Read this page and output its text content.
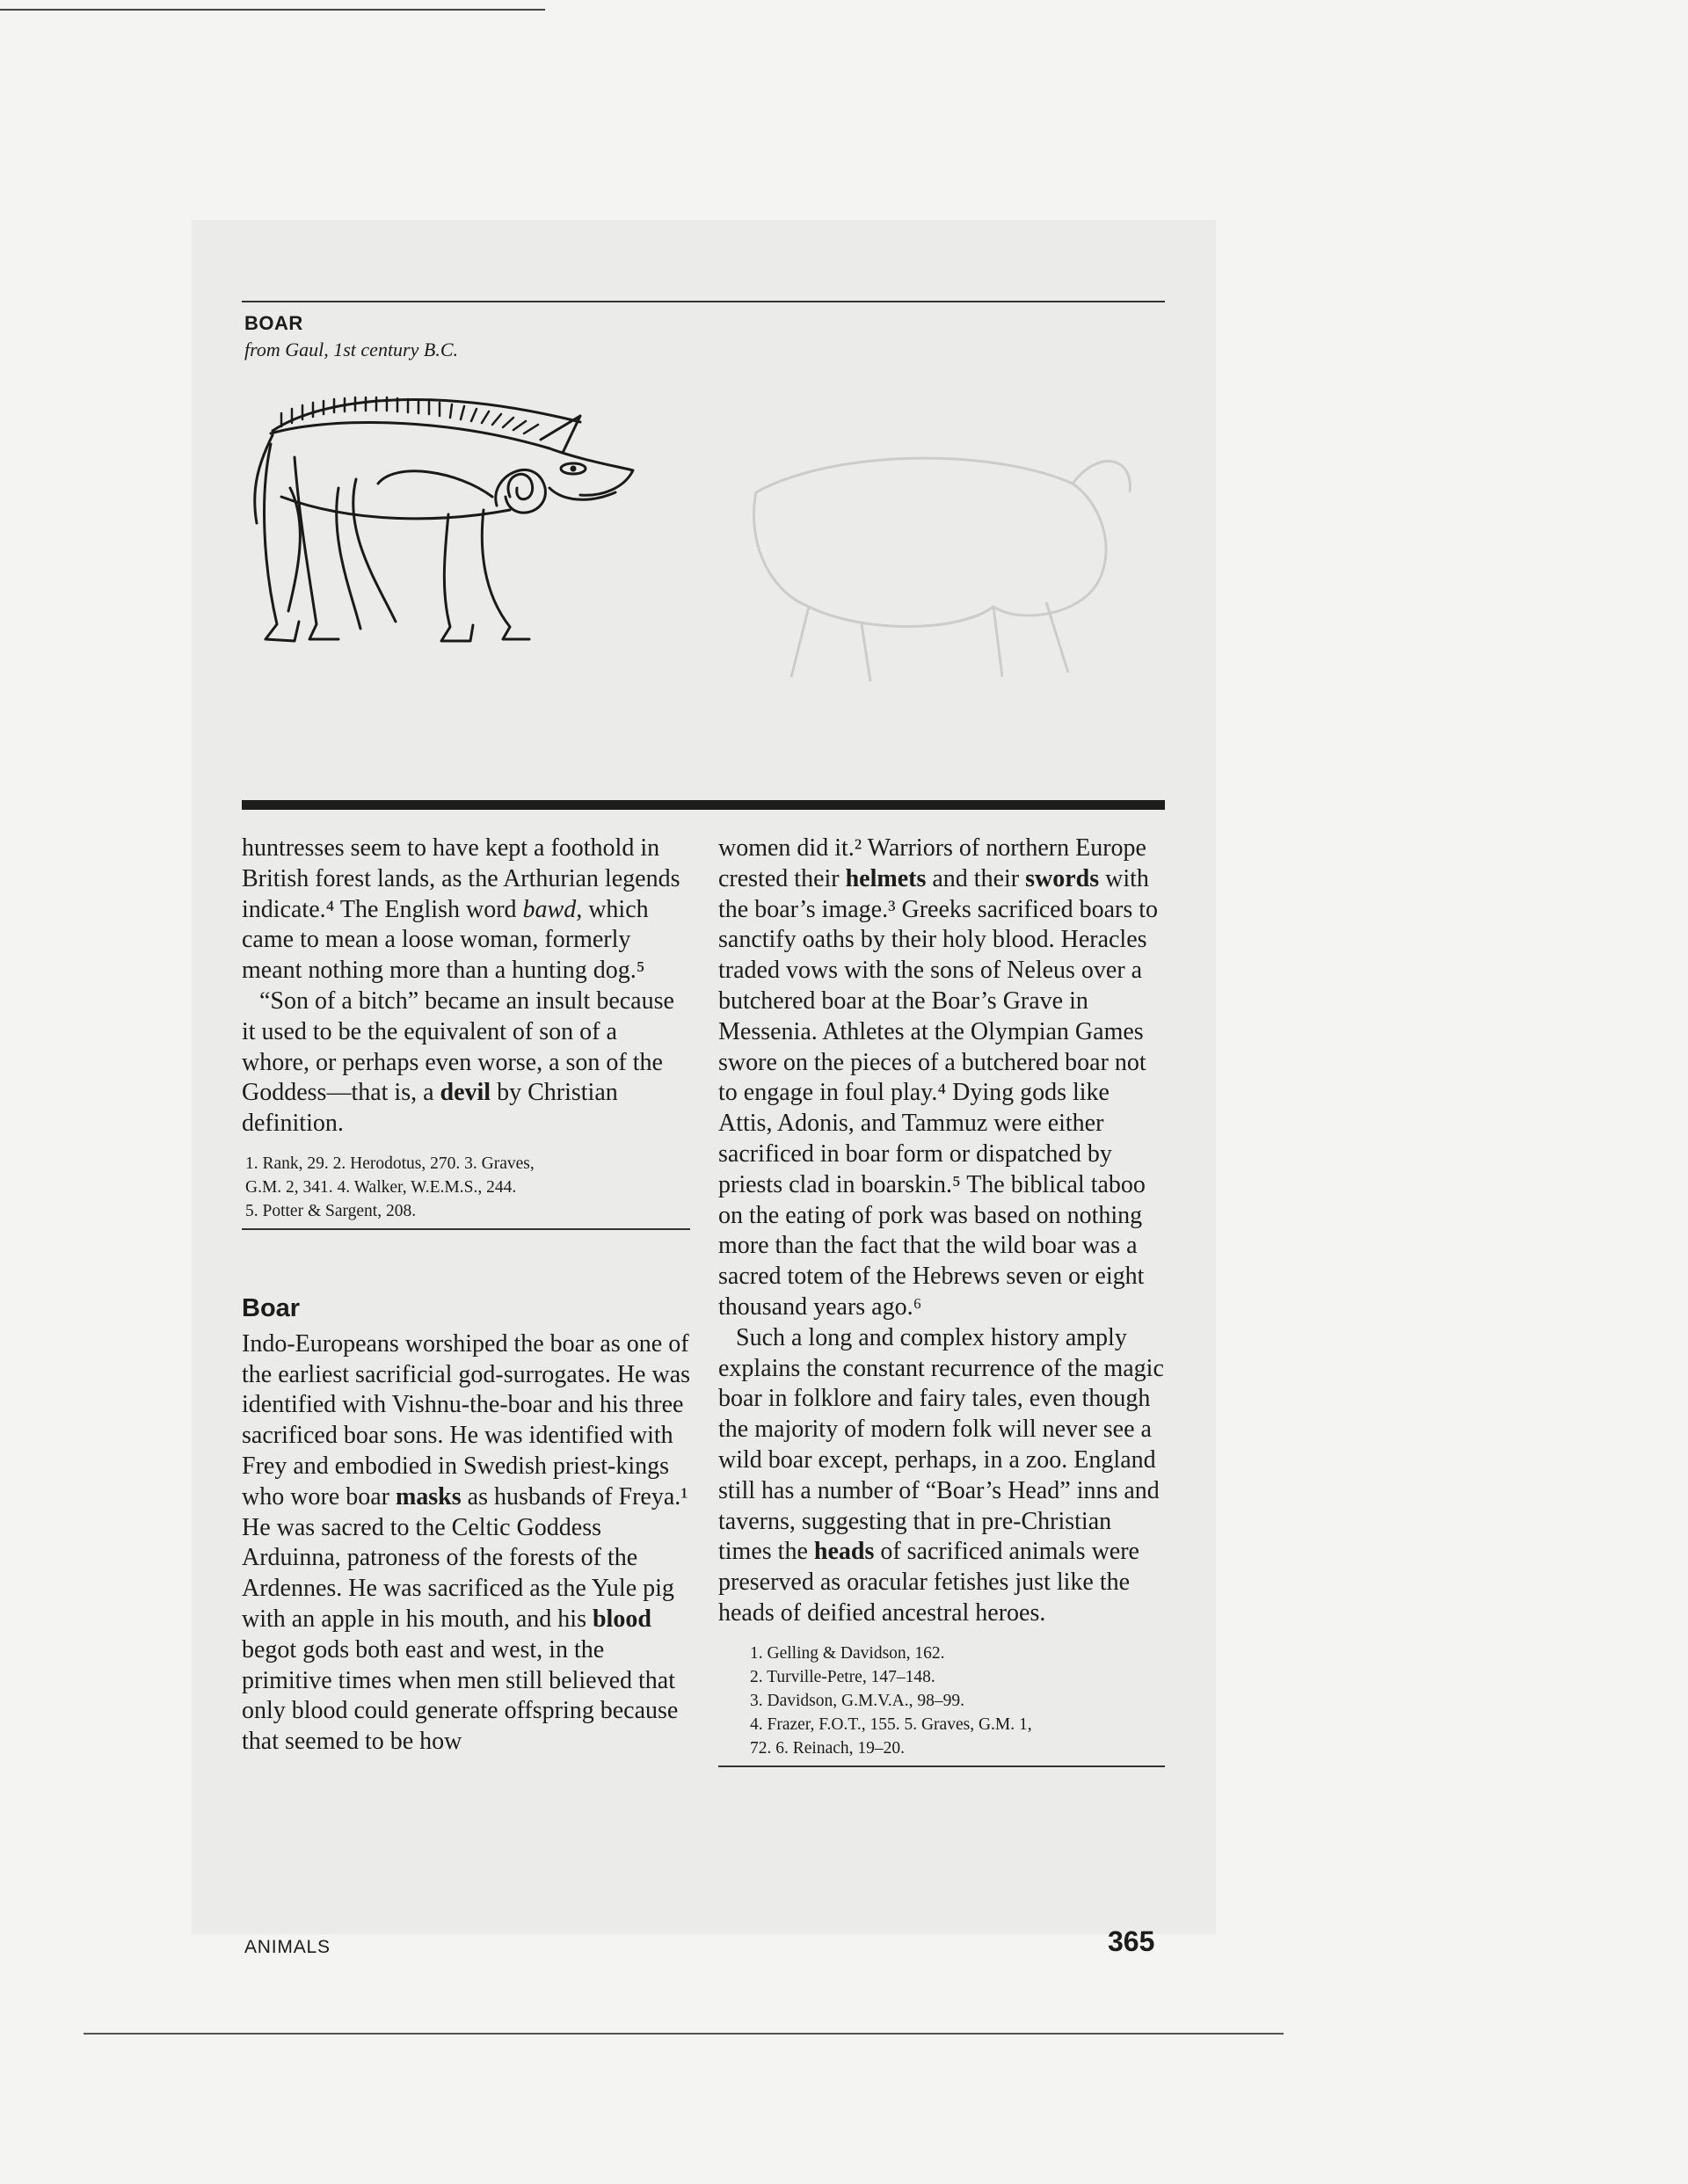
BOAR
from Gaul, 1st century B.C.

huntresses seem to have kept a foothold in British forest lands, as the Arthurian legends indicate.⁴ The English word bawd, which came to mean a loose woman, formerly meant nothing more than a hunting dog.⁵

“Son of a bitch” became an insult because it used to be the equivalent of son of a whore, or perhaps even worse, a son of the Goddess—that is, a devil by Christian definition.

1. Rank, 29. 2. Herodotus, 270. 3. Graves,
G.M. 2, 341. 4. Walker, W.E.M.S., 244.
5. Potter & Sargent, 208.
Boar

Indo-Europeans worshiped the boar as one of the earliest sacrificial god-surrogates. He was identified with Vishnu-the-boar and his three sacrificed boar sons. He was identified with Frey and embodied in Swedish priest-kings who wore boar masks as husbands of Freya.¹ He was sacred to the Celtic Goddess Arduinna, patroness of the forests of the Ardennes. He was sacrificed as the Yule pig with an apple in his mouth, and his blood begot gods both east and west, in the primitive times when men still believed that only blood could generate offspring because that seemed to be how

women did it.² Warriors of northern Europe crested their helmets and their swords with the boar’s image.³ Greeks sacrificed boars to sanctify oaths by their holy blood. Heracles traded vows with the sons of Neleus over a butchered boar at the Boar’s Grave in Messenia. Athletes at the Olympian Games swore on the pieces of a butchered boar not to engage in foul play.⁴ Dying gods like Attis, Adonis, and Tammuz were either sacrificed in boar form or dispatched by priests clad in boarskin.⁵ The biblical taboo on the eating of pork was based on nothing more than the fact that the wild boar was a sacred totem of the Hebrews seven or eight thousand years ago.⁶

Such a long and complex history amply explains the constant recurrence of the magic boar in folklore and fairy tales, even though the majority of modern folk will never see a wild boar except, perhaps, in a zoo. England still has a number of “Boar’s Head” inns and taverns, suggesting that in pre-Christian times the heads of sacrificed animals were preserved as oracular fetishes just like the heads of deified ancestral heroes.

1. Gelling & Davidson, 162.
2. Turville-Petre, 147–148.
3. Davidson, G.M.V.A., 98–99.
4. Frazer, F.O.T., 155. 5. Graves, G.M. 1,
72. 6. Reinach, 19–20.
ANIMALS	365
